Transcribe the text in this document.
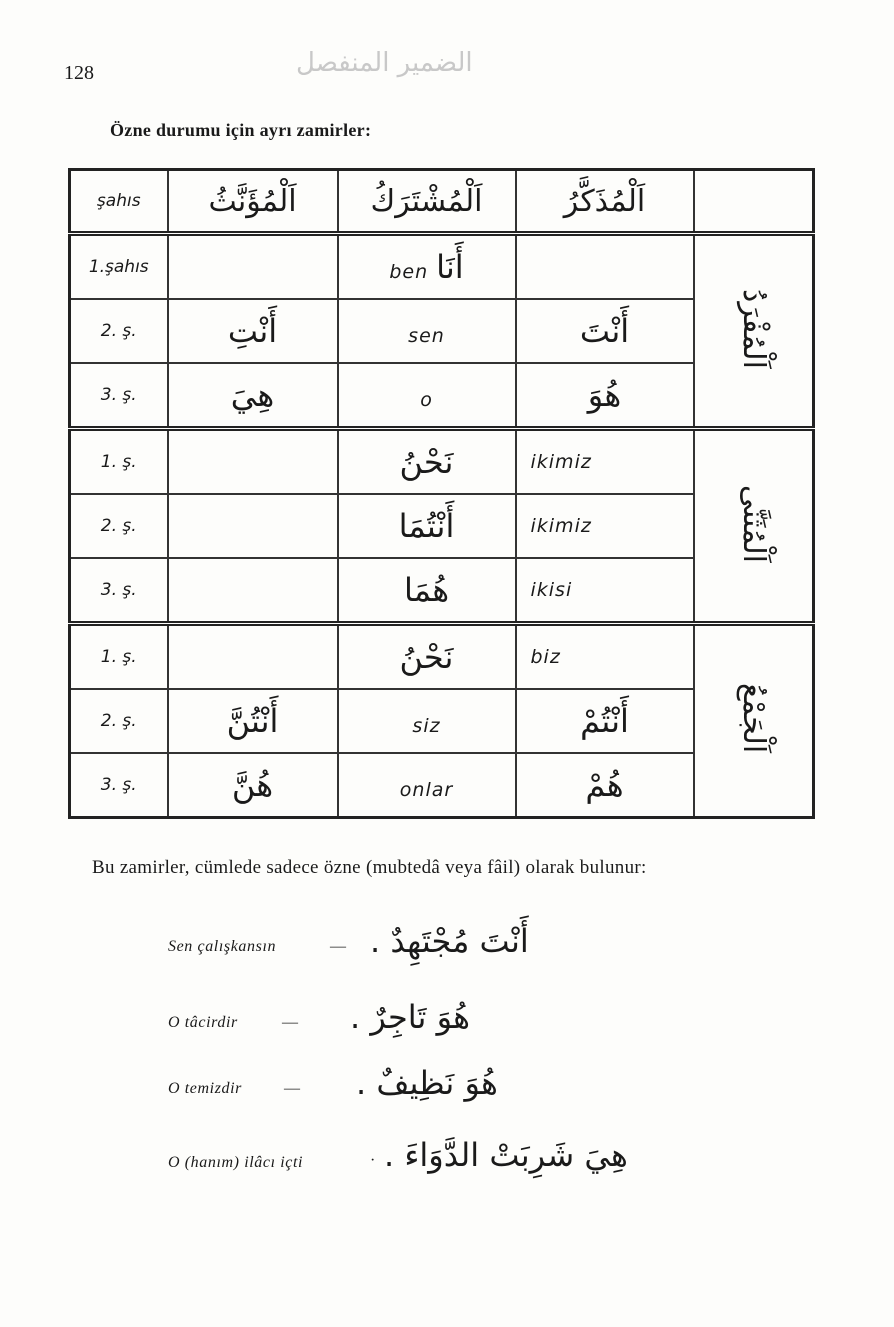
128	الضمير المنفصل
Özne durumu için ayrı zamirler:
şahıs	اَلْمُؤَنَّثُ	اَلْمُشْتَرَكُ	اَلْمُذَكَّرُ	
1.şahıs		ben أَنَا		اَلْمُفْرَدُ
2. ş.	أَنْتِ	sen	أَنْتَ	
3. ş.	هِيَ	o	هُوَ	
1. ş.		نَحْنُ	ikimiz	اَلْمُثَنَّى
2. ş.		أَنْتُمَا	ikimiz	
3. ş.		هُمَا	ikisi	
1. ş.		نَحْنُ	biz	اَلْجَمْعُ
2. ş.	أَنْتُنَّ	siz	أَنْتُمْ	
3. ş.	هُنَّ	onlar	هُمْ	
Bu zamirler, cümlede sadece özne (mubtedâ veya fâil) olarak bulunur:
Sen çalışkansın	— أَنْتَ مُجْتَهِدٌ .
O tâcirdir	— هُوَ تَاجِرٌ .
O temizdir	— هُوَ نَظِيفٌ .
O (hanım) ilâcı içti	· هِيَ شَرِبَتْ الدَّوَاءَ .
